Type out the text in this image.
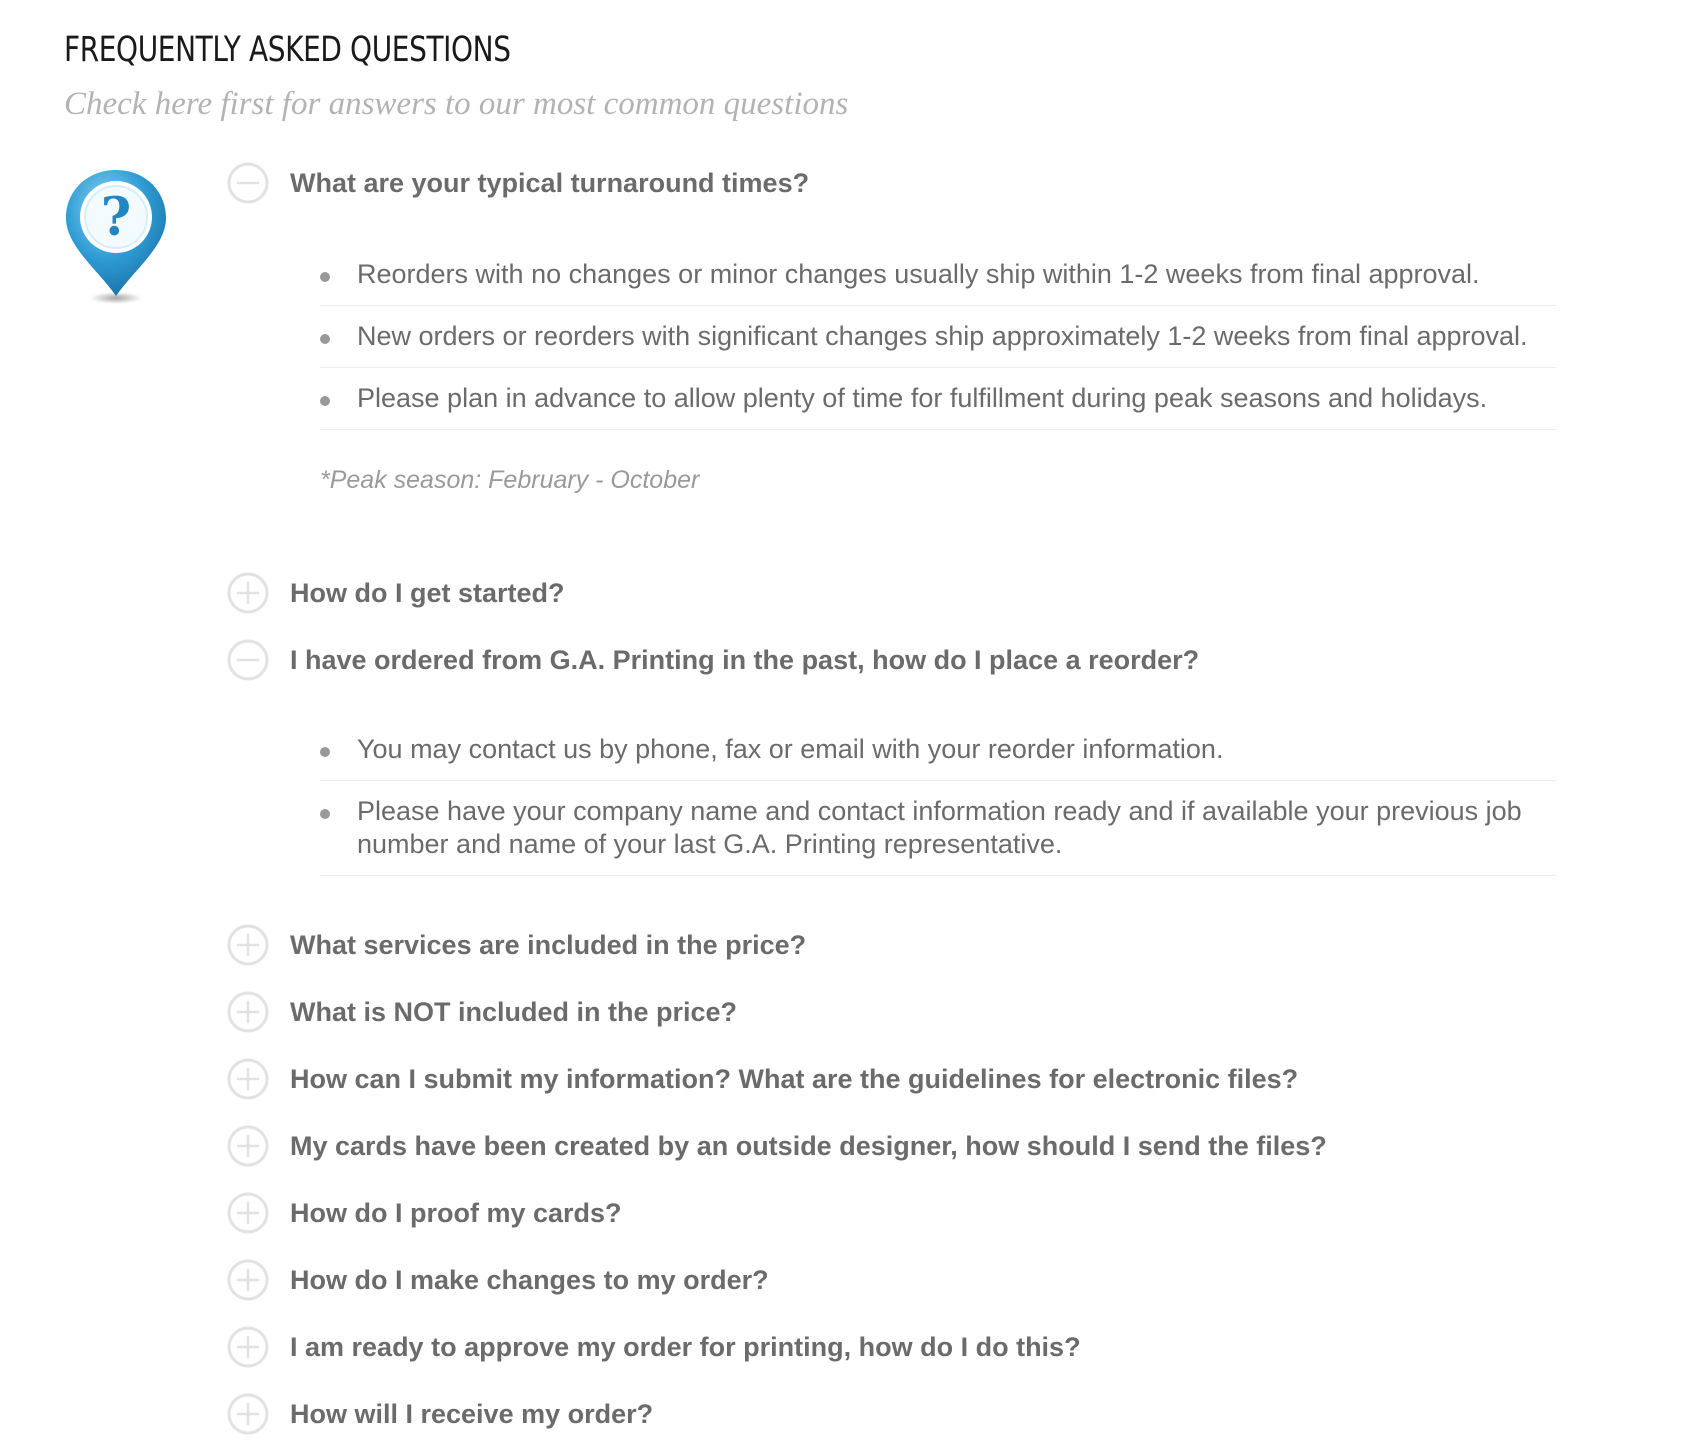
FREQUENTLY ASKED QUESTIONS
Check here first for answers to our most common questions
?
What are your typical turnaround times?
Reorders with no changes or minor changes usually ship within 1-2 weeks from final approval.
New orders or reorders with significant changes ship approximately 1-2 weeks from final approval.
Please plan in advance to allow plenty of time for fulfillment during peak seasons and holidays.
*Peak season: February - October
How do I get started?
I have ordered from G.A. Printing in the past, how do I place a reorder?
You may contact us by phone, fax or email with your reorder information.
Please have your company name and contact information ready and if available your previous job number and name of your last G.A. Printing representative.
What services are included in the price?
What is NOT included in the price?
How can I submit my information? What are the guidelines for electronic files?
My cards have been created by an outside designer, how should I send the files?
How do I proof my cards?
How do I make changes to my order?
I am ready to approve my order for printing, how do I do this?
How will I receive my order?
